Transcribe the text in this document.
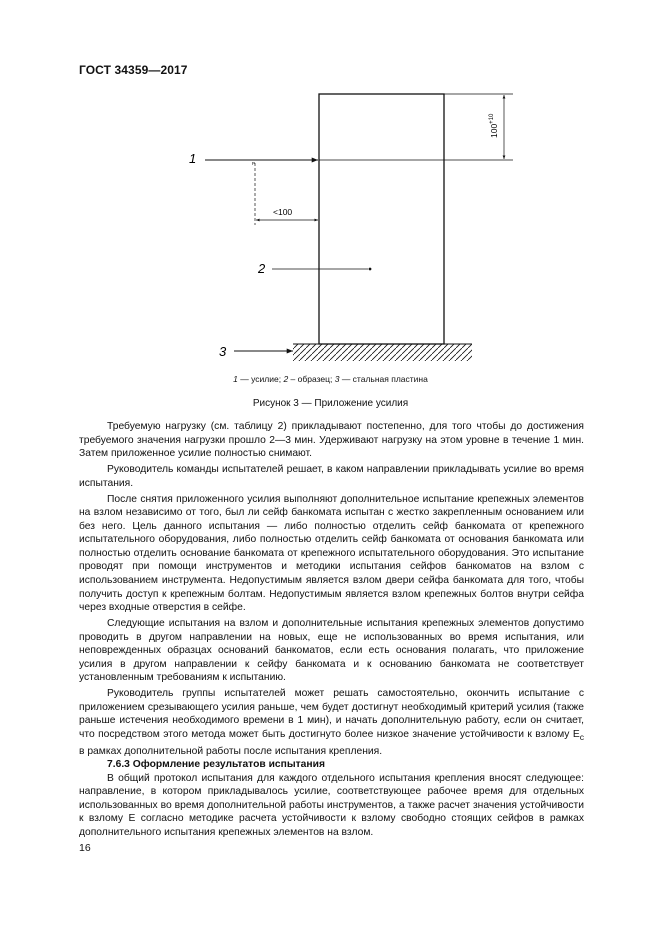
ГОСТ 34359—2017
1	P
$100^{+10}$
<100
2
3
1 — усилие; 2 – образец; 3 — стальная пластина
Рисунок 3 — Приложение усилия

Требуемую нагрузку (см. таблицу 2) прикладывают постепенно, для того чтобы до достижения требуемого значения нагрузки прошло 2—3 мин. Удерживают нагрузку на этом уровне в течение 1 мин. Затем приложенное усилие полностью снимают.

Руководитель команды испытателей решает, в каком направлении прикладывать усилие во время испытания.

После снятия приложенного усилия выполняют дополнительное испытание крепежных элементов на взлом независимо от того, был ли сейф банкомата испытан с жестко закрепленным основанием или без него. Цель данного испытания — либо полностью отделить сейф банкомата от крепежного испытательного оборудования, либо полностью отделить сейф банкомата от основания банкомата или полностью отделить основание банкомата от крепежного испытательного оборудования. Это испытание проводят при помощи инструментов и методики испытания сейфов банкоматов на взлом с использованием инструмента. Недопустимым является взлом двери сейфа банкомата для того, чтобы получить доступ к крепежным болтам. Недопустимым является взлом крепежных болтов внутри сейфа через входные отверстия в сейфе.

Следующие испытания на взлом и дополнительные испытания крепежных элементов допустимо проводить в другом направлении на новых, еще не использованных во время испытания, или неповрежденных образцах оснований банкоматов, если есть основания полагать, что приложение усилия в другом направлении к сейфу банкомата и к основанию банкомата не соответствует установленным требованиям к испытанию.

Руководитель группы испытателей может решать самостоятельно, окончить испытание с приложением срезывающего усилия раньше, чем будет достигнут необходимый критерий усилия (также раньше истечения необходимого времени в 1 мин), и начать дополнительную работу, если он считает, что посредством этого метода может быть достигнуто более низкое значение устойчивости к взлому $E_c$ в рамках дополнительной работы после испытания крепления.

7.6.3 Оформление результатов испытания

В общий протокол испытания для каждого отдельного испытания крепления вносят следующее: направление, в котором прикладывалось усилие, соответствующее рабочее время для отдельных использованных во время дополнительной работы инструментов, а также расчет значения устойчивости к взлому Е согласно методике расчета устойчивости к взлому свободно стоящих сейфов в рамках дополнительного испытания крепежных элементов на взлом.

16
